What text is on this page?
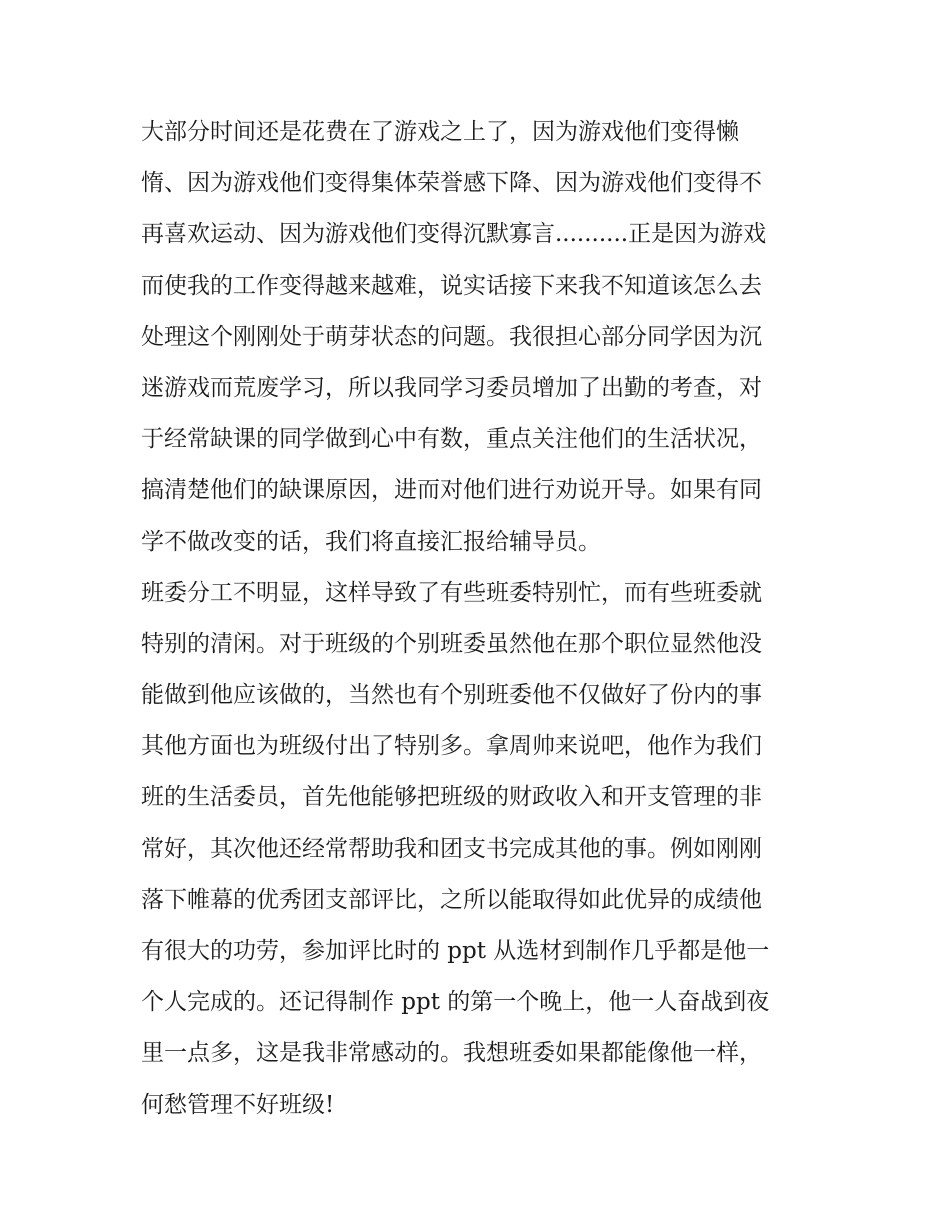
大部分时间还是花费在了游戏之上了，因为游戏他们变得懒
惰、因为游戏他们变得集体荣誉感下降、因为游戏他们变得不
再喜欢运动、因为游戏他们变得沉默寡言..........正是因为游戏
而使我的工作变得越来越难，说实话接下来我不知道该怎么去
处理这个刚刚处于萌芽状态的问题。我很担心部分同学因为沉
迷游戏而荒废学习，所以我同学习委员增加了出勤的考查，对
于经常缺课的同学做到心中有数，重点关注他们的生活状况，
搞清楚他们的缺课原因，进而对他们进行劝说开导。如果有同
学不做改变的话，我们将直接汇报给辅导员。
班委分工不明显，这样导致了有些班委特别忙，而有些班委就
特别的清闲。对于班级的个别班委虽然他在那个职位显然他没
能做到他应该做的，当然也有个别班委他不仅做好了份内的事
其他方面也为班级付出了特别多。拿周帅来说吧，他作为我们
班的生活委员，首先他能够把班级的财政收入和开支管理的非
常好，其次他还经常帮助我和团支书完成其他的事。例如刚刚
落下帷幕的优秀团支部评比，之所以能取得如此优异的成绩他
有很大的功劳，参加评比时的 ppt 从选材到制作几乎都是他一
个人完成的。还记得制作 ppt 的第一个晚上，他一人奋战到夜
里一点多，这是我非常感动的。我想班委如果都能像他一样，
何愁管理不好班级!
